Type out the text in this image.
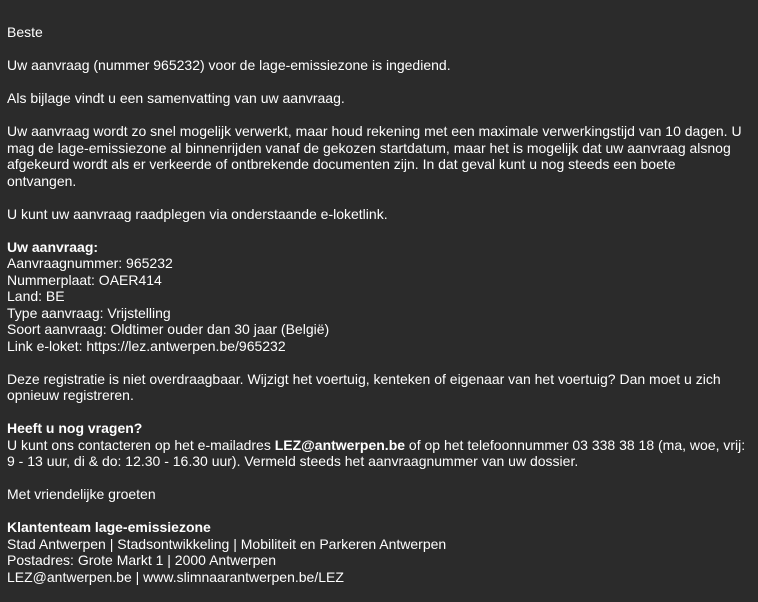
Beste

Uw aanvraag (nummer 965232) voor de lage-emissiezone is ingediend.

Als bijlage vindt u een samenvatting van uw aanvraag.

Uw aanvraag wordt zo snel mogelijk verwerkt, maar houd rekening met een maximale verwerkingstijd van 10 dagen. U mag de lage-emissiezone al binnenrijden vanaf de gekozen startdatum, maar het is mogelijk dat uw aanvraag alsnog afgekeurd wordt als er verkeerde of ontbrekende documenten zijn. In dat geval kunt u nog steeds een boete ontvangen.

U kunt uw aanvraag raadplegen via onderstaande e-loketlink.

Uw aanvraag:
Aanvraagnummer: 965232
Nummerplaat: OAER414
Land: BE
Type aanvraag: Vrijstelling
Soort aanvraag: Oldtimer ouder dan 30 jaar (België)
Link e-loket: https://lez.antwerpen.be/965232

Deze registratie is niet overdraagbaar. Wijzigt het voertuig, kenteken of eigenaar van het voertuig? Dan moet u zich opnieuw registreren.

Heeft u nog vragen?
U kunt ons contacteren op het e-mailadres LEZ@antwerpen.be of op het telefoonnummer 03 338 38 18 (ma, woe, vrij: 9 - 13 uur, di & do: 12.30 - 16.30 uur). Vermeld steeds het aanvraagnummer van uw dossier.

Met vriendelijke groeten

Klantenteam lage-emissiezone
Stad Antwerpen | Stadsontwikkeling | Mobiliteit en Parkeren Antwerpen
Postadres: Grote Markt 1 | 2000 Antwerpen
LEZ@antwerpen.be | www.slimnaarantwerpen.be/LEZ
